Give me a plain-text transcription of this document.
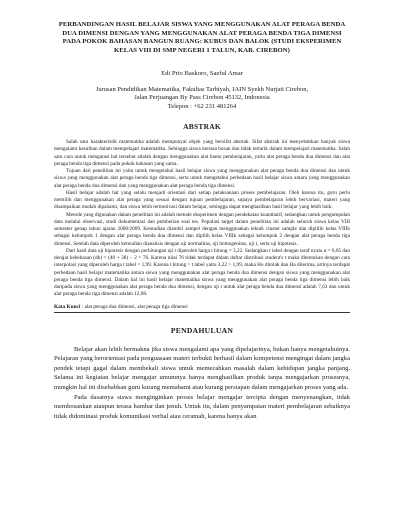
PERBANDINGAN HASIL BELAJAR SISWA YANG MENGGUNAKAN ALAT PERAGA BENDA DUA DIMENSI DENGAN YANG MENGGUNAKAN ALAT PERAGA BENDA TIGA DIMENSI PADA POKOK BAHASAN BANGUN RUANG: KUBUS DAN BALOK (STUDI EKSPERIMEN KELAS VIII DI SMP NEGERI 1 TALUN, KAB. CIREBON)
Edi Prio Baskoro, Saeful Amar
Jurusan Pendidikan Matematika, Fakultas Tarbiyah, IAIN Syekh Nurjati Cirebon,
Jalan Perjuangan By Pass Cirebon 45132, Indonesia
Telepon : +62 231 481264
ABSTRAK

Salah satu karakteristik matematika adalah mempunyai objek yang bersifat abstrak. Sifat abstrak ini menyebabkan banyak siswa mengalami kesulitan dalam mempelajari matematika. Sehingga siswa merasa bosan dan tidak tertarik dalam mempelajari matematika. Salah satu cara untuk mengatasi hal tersebut adalah dengan menggunakan alat bantu pembelajaran, yaitu alat peraga benda dua dimensi dan alat peraga benda tiga dimensi pada pokok bahasan yang sama.

Tujuan dari penelitian ini yaitu untuk mengetahui hasil belajar siswa yang menggunakan alat peraga benda dua dimensi dan untuk siswa yang menggunakan alat peraga benda tiga dimensi, serta untuk mengetahui perbedaan hasil belajar siswa antara yang menggunakan alat peraga benda dua dimensi dan yang menggunakan alat peraga benda tiga dimensi.

Hasil belajar adalah hal yang selalu menjadi orientasi dari setiap pelaksanaan proses pembelajaran. Oleh karena itu, guru perlu memilih dan menggunakan alat peraga yang sesuai dengan tujuan pembelajaran, supaya pembelajaran lebih bervariasi, materi yang disampaikan mudah dipahami, dan siswa lebih termotivasi dalam belajar, sehingga dapat menghasilkan hasil belajar yang lebih baik.

Metode yang digunakan dalam penelitian ini adalah metode eksperimen dengan pendekatan kuantitatif, sedangkan untuk pengumpulan data melalui observasi, studi dokumentasi dan pemberian soal tes. Populasi target dalam penelitian ini adalah seluruh siswa kelas VIII semester genap tahun ajaran 2008/2009. Kemudian diambil sampel dengan menggunakan teknik cluster sample dan diplilih kelas VIIIb sebagai kelompok 1 dengan alat peraga benda dua dimensi dan dipilih kelas VIIIk sebagai kelompok 2 dengan alat peraga benda tiga dimensi. Setelah data diperoleh kemudian dianalisis dengan uji normalitas, uji homogenitas, uji t, serta uji hipotesis.

Dari hasil data uji hipotesis dengan perhitungan uji t diperoleh harga t hitung = 3,22. Sedangkan t tabel dengan taraf nyata α = 0,05 dan derajat kebebasan (dk) = (40 + 38) − 2 = 76. Karena nilai 76 tidak terdapat dalam daftar distribusi student's t maka ditentukan dengan cara interpolasi yang diperoleh harga t tabel = 1,99. Karena t hitung > t tabel yaitu 3,22 > 1,99, maka Ho ditolak dan Ha diterima, artinya terdapat perbedaan hasil belajar matematika antara siswa yang menggunakan alat peraga benda dua dimensi dengan siswa yang menggunakan alat peraga benda tiga dimensi. Dalam hal ini hasil belajar matematika siswa yang menggunakan alat peraga benda tiga dimensi lebih baik daripada siswa yang menggunakan alat peraga benda dua dimensi, dengan uji t untuk alat peraga benda dua dimensi adalah 7,63 dan untuk alat peraga benda tiga dimensi adalah 12,08.

Kata Kunci : alat peraga dua dimensi, alat peraga tiga dimensi
PENDAHULUAN

Belajar akan lebih bermakna jika siswa mengalami apa yang dipelajarinya, bukan hanya mengetahuinya. Pelajaran yang berorientasi pada penguasaan materi terbukti berhasil dalam kompetensi mengingat dalam jangka pendek tetapi gagal dalam membekali siswa untuk memecahkan masalah dalam kehidupan jangka panjang. Selama ini kegiatan belajar mengajar umumnya hanya menghasilkan produk tanpa mengajarkan prosesnya, mungkin hal ini disebabkan guru kurang memahami atau kurang persiapan dalam mengajarkan proses yang ada.

Pada dasarnya siswa menginginkan proses belajar mengajar tercipta dengan menyenangkan, tidak membosankan ataupun terasa hambar dan jenuh. Untuk itu, dalam penyampaian materi pembelajaran sebaiknya tidak didominasi produk komunikasi verbal atau ceramah, karena hanya akan
